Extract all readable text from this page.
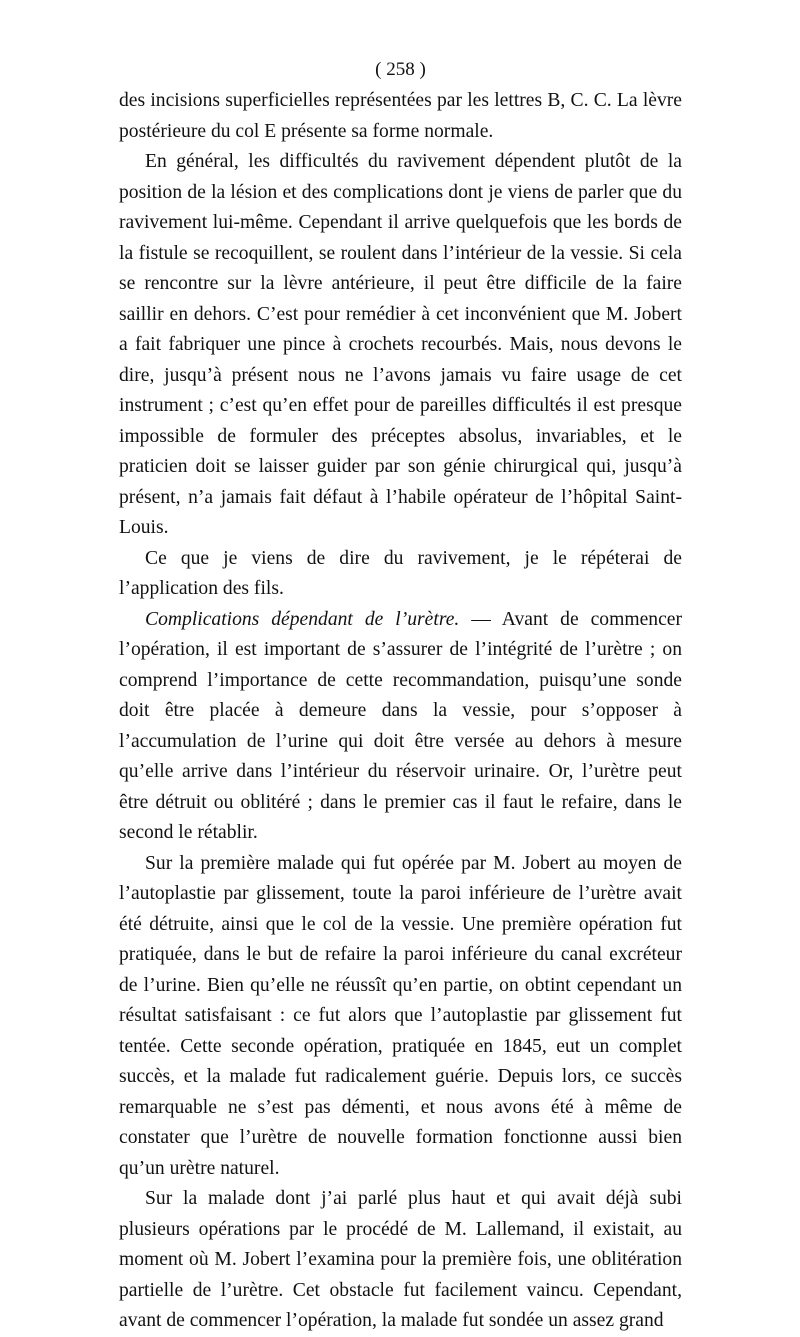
( 258 )

des incisions superficielles représentées par les lettres B, C. C. La lèvre postérieure du col E présente sa forme normale.

En général, les difficultés du ravivement dépendent plutôt de la position de la lésion et des complications dont je viens de parler que du ravivement lui-même. Cependant il arrive quelquefois que les bords de la fistule se recoquillent, se roulent dans l’intérieur de la vessie. Si cela se rencontre sur la lèvre antérieure, il peut être difficile de la faire saillir en dehors. C’est pour remédier à cet inconvénient que M. Jobert a fait fabriquer une pince à crochets recourbés. Mais, nous devons le dire, jusqu’à présent nous ne l’avons jamais vu faire usage de cet instrument ; c’est qu’en effet pour de pareilles difficultés il est presque impossible de formuler des préceptes absolus, invariables, et le praticien doit se laisser guider par son génie chirurgical qui, jusqu’à présent, n’a jamais fait défaut à l’habile opérateur de l’hôpital Saint-Louis.

Ce que je viens de dire du ravivement, je le répéterai de l’application des fils.

Complications dépendant de l’urètre. — Avant de commencer l’opération, il est important de s’assurer de l’intégrité de l’urètre ; on comprend l’importance de cette recommandation, puisqu’une sonde doit être placée à demeure dans la vessie, pour s’opposer à l’accumulation de l’urine qui doit être versée au dehors à mesure qu’elle arrive dans l’intérieur du réservoir urinaire. Or, l’urètre peut être détruit ou oblitéré ; dans le premier cas il faut le refaire, dans le second le rétablir.

Sur la première malade qui fut opérée par M. Jobert au moyen de l’autoplastie par glissement, toute la paroi inférieure de l’urètre avait été détruite, ainsi que le col de la vessie. Une première opération fut pratiquée, dans le but de refaire la paroi inférieure du canal excréteur de l’urine. Bien qu’elle ne réussît qu’en partie, on obtint cependant un résultat satisfaisant : ce fut alors que l’autoplastie par glissement fut tentée. Cette seconde opération, pratiquée en 1845, eut un complet succès, et la malade fut radicalement guérie. Depuis lors, ce succès remarquable ne s’est pas démenti, et nous avons été à même de constater que l’urètre de nouvelle formation fonctionne aussi bien qu’un urètre naturel.

Sur la malade dont j’ai parlé plus haut et qui avait déjà subi plusieurs opérations par le procédé de M. Lallemand, il existait, au moment où M. Jobert l’examina pour la première fois, une oblitération partielle de l’urètre. Cet obstacle fut facilement vaincu. Cependant, avant de commencer l’opération, la malade fut sondée un assez grand
